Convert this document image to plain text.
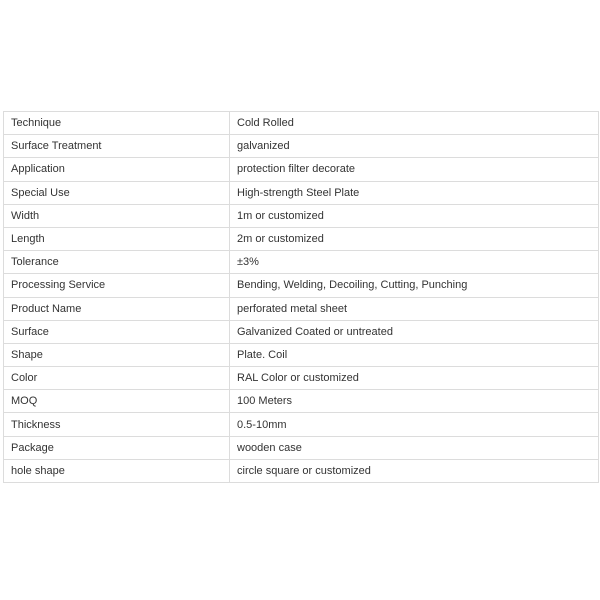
Technique	Cold Rolled
Surface Treatment	galvanized
Application	protection filter decorate
Special Use	High-strength Steel Plate
Width	1m or customized
Length	2m or customized
Tolerance	±3%
Processing Service	Bending, Welding, Decoiling, Cutting, Punching
Product Name	perforated metal sheet
Surface	Galvanized Coated or untreated
Shape	Plate. Coil
Color	RAL Color or customized
MOQ	100 Meters
Thickness	0.5-10mm
Package	wooden case
hole shape	circle square or customized
